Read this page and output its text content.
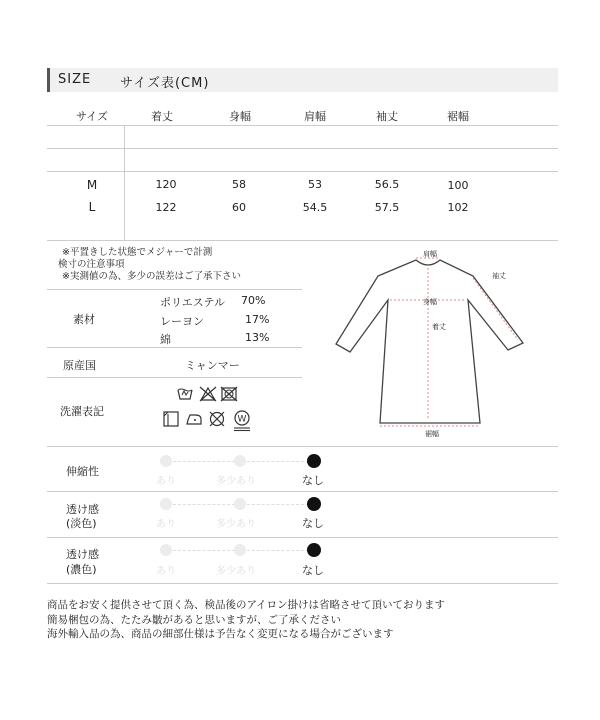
SIZE サイズ表(CM)
サイズ	着丈	身幅	肩幅	袖丈	裾幅
M	120	58	53	56.5	100
L	122	60	54.5	57.5	102
※平置きした状態でメジャーで計測
検寸の注意事項
※実測値の為、多少の誤差はご了承下さい
素材
ポリエステル 70%
レーヨン	17%
綿	13%
原産国	ミャンマー
洗濯表記
W
肩幅
袖丈
身幅
着丈
裾幅
伸縮性
あり	多少あり	なし
透け感
(淡色)	あり	多少あり	なし
透け感
(濃色)	あり	多少あり	なし
商品をお安く提供させて頂く為、検品後のアイロン掛けは省略させて頂いております
簡易梱包の為、たたみ皺があると思いますが、ご了承ください
海外輸入品の為、商品の細部仕様は予告なく変更になる場合がございます
